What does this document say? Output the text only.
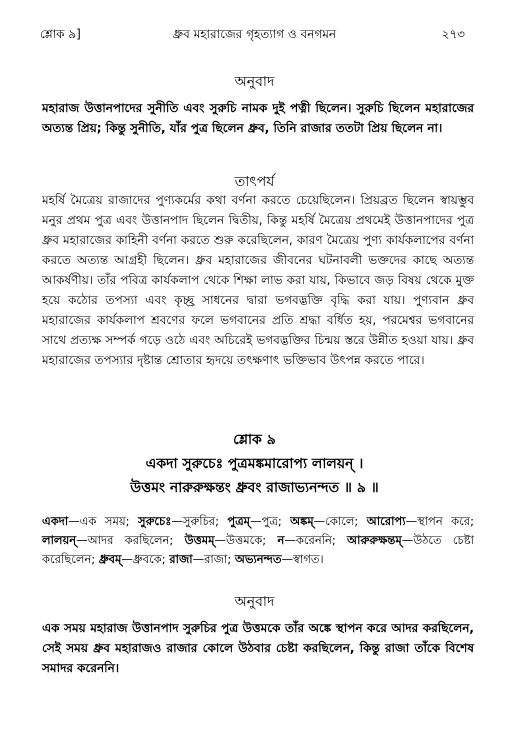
শ্লোক ৯]	ধ্রুব মহারাজের গৃহত্যাগ ও বনগমন	২৭৩
অনুবাদ
মহারাজ উত্তানপাদের সুনীতি এবং সুরুচি নামক দুই পত্নী ছিলেন। সুরুচি ছিলেন মহারাজের অত্যন্ত প্রিয়; কিন্তু সুনীতি, যাঁর পুত্র ছিলেন ধ্রুব, তিনি রাজার ততটা প্রিয় ছিলেন না।
তাৎপর্য
মহর্ষি মৈত্রেয় রাজাদের পুণ্যকর্মের কথা বর্ণনা করতে চেয়েছিলেন। প্রিয়ব্রত ছিলেন স্বায়ম্ভুব মনুর প্রথম পুত্র এবং উত্তানপাদ ছিলেন দ্বিতীয়, কিন্তু মহর্ষি মৈত্রেয় প্রথমেই উত্তানপাদের পুত্র ধ্রুব মহারাজের কাহিনী বর্ণনা করতে শুরু করেছিলেন, কারণ মৈত্রেয় পুণ্য কার্যকলাপের বর্ণনা করতে অত্যন্ত আগ্রহী ছিলেন। ধ্রুব মহারাজের জীবনের ঘটনাবলী ভক্তদের কাছে অত্যন্ত আকর্ষণীয়। তাঁর পবিত্র কার্যকলাপ থেকে শিক্ষা লাভ করা যায়, কিভাবে জড় বিষয় থেকে মুক্ত হয়ে কঠোর তপস্যা এবং কৃচ্ছ্র সাধনের দ্বারা ভগবদ্ভক্তি বৃদ্ধি করা যায়। পুণ্যবান ধ্রুব মহারাজের কার্যকলাপ শ্রবণের ফলে ভগবানের প্রতি শ্রদ্ধা বর্ধিত হয়, পরমেশ্বর ভগবানের সাথে প্রত্যক্ষ সম্পর্ক গড়ে ওঠে এবং অচিরেই ভগবদ্ভক্তির চিন্ময় স্তরে উন্নীত হওয়া যায়। ধ্রুব মহারাজের তপস্যার দৃষ্টান্ত শ্রোতার হৃদয়ে তৎক্ষণাৎ ভক্তিভাব উৎপন্ন করতে পারে।
শ্লোক ৯
একদা সুরুচেঃ পুত্রমঙ্কমারোপ্য লালয়ন্ ।
উত্তমং নারুরুক্ষন্তং ধ্রুবং রাজাভ্যনন্দত ॥ ৯ ॥
একদা—এক সময়; সুরুচেঃ—সুরুচির; পুত্রম্—পুত্র; অঙ্কম্—কোলে; আরোপ্য—স্থাপন করে; লালয়ন্—আদর করছিলেন; উত্তমম্—উত্তমকে; ন—করেননি; আরুরুক্ষন্তম্—উঠতে চেষ্টা করেছিলেন; ধ্রুবম্—ধ্রুবকে; রাজা—রাজা; অভ্যনন্দত—স্বাগত।
অনুবাদ
এক সময় মহারাজ উত্তানপাদ সুরুচির পুত্র উত্তমকে তাঁর অঙ্কে স্থাপন করে আদর করছিলেন, সেই সময় ধ্রুব মহারাজও রাজার কোলে উঠবার চেষ্টা করছিলেন, কিন্তু রাজা তাঁকে বিশেষ সমাদর করেননি।
